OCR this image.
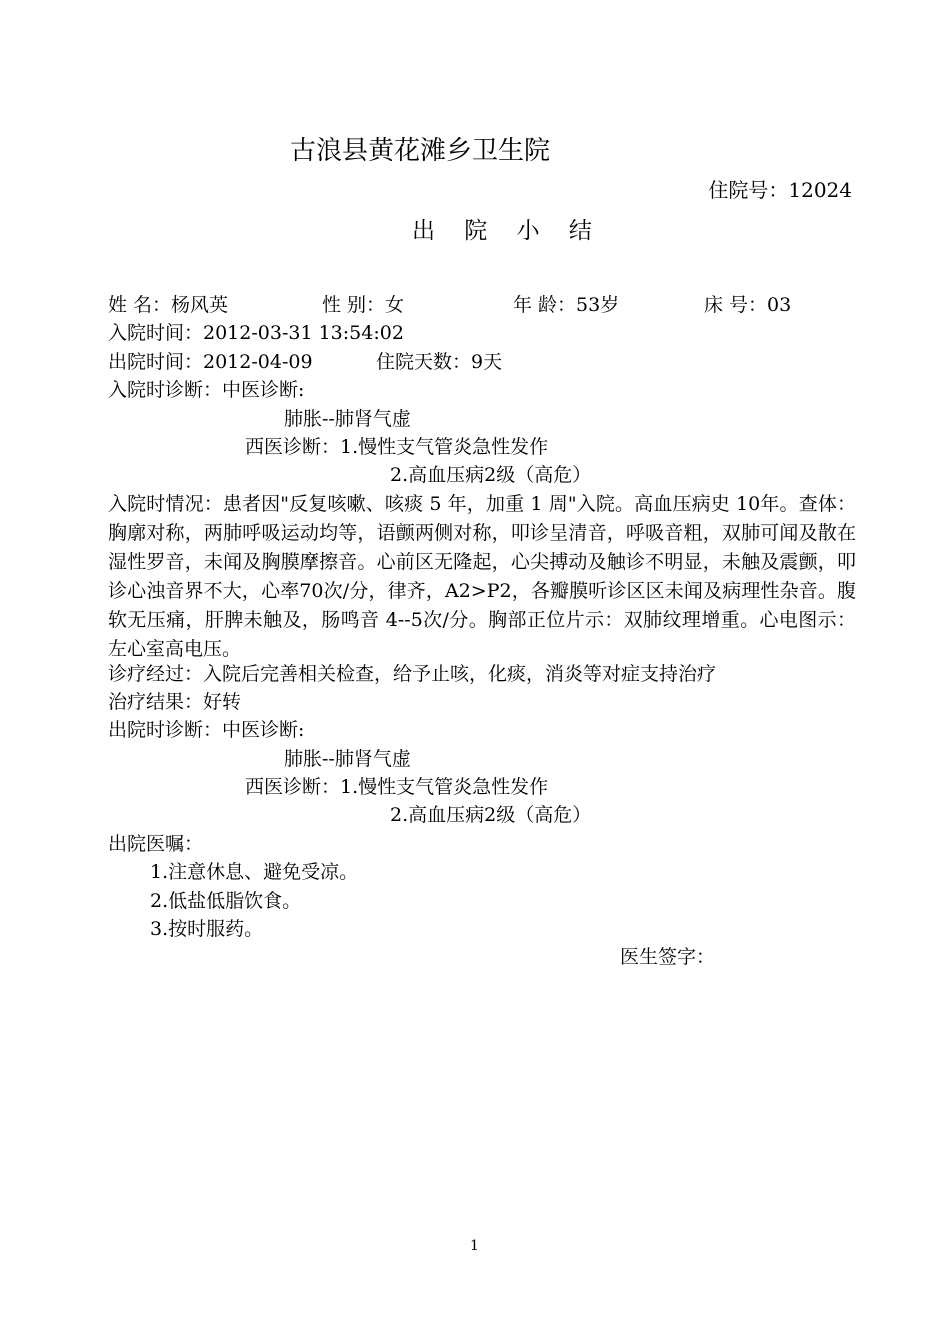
古浪县黄花滩乡卫生院
住院号：12024
出 院 小 结
姓 名：杨风英	性 别：女	年 龄：53岁	床 号：03
入院时间：2012-03-31 13:54:02
出院时间：2012-04-09	住院天数：9天
入院时诊断：中医诊断:
肺胀--肺肾气虚
西医诊断：1.慢性支气管炎急性发作
2.高血压病2级（高危）
入院时情况：患者因"反复咳嗽、咳痰 5 年，加重 1 周"入院。高血压病史 10年。查体：胸廓对称，两肺呼吸运动均等，语颤两侧对称，叩诊呈清音，呼吸音粗，双肺可闻及散在湿性罗音，未闻及胸膜摩擦音。心前区无隆起，心尖搏动及触诊不明显，未触及震颤，叩诊心浊音界不大，心率70次/分，律齐，A2>P2，各瓣膜听诊区区未闻及病理性杂音。腹软无压痛，肝脾未触及，肠鸣音 4--5次/分。胸部正位片示：双肺纹理增重。心电图示：左心室高电压。
诊疗经过：入院后完善相关检查，给予止咳，化痰，消炎等对症支持治疗
治疗结果：好转
出院时诊断：中医诊断:
肺胀--肺肾气虚
西医诊断：1.慢性支气管炎急性发作
2.高血压病2级（高危）
出院医嘱：
1.注意休息、避免受凉。
2.低盐低脂饮食。
3.按时服药。
医生签字：
1
